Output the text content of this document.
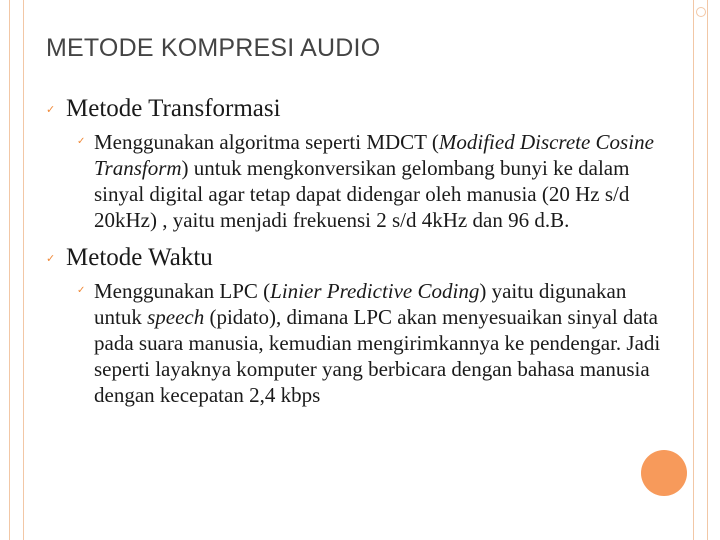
METODE KOMPRESI AUDIO

✓ Metode Transformasi

✓ Menggunakan algoritma seperti MDCT (Modified Discrete Cosine Transform) untuk mengkonversikan gelombang bunyi ke dalam sinyal digital agar tetap dapat didengar oleh manusia (20 Hz s/d 20kHz) , yaitu menjadi frekuensi 2 s/d 4kHz dan 96 d.B.

✓ Metode Waktu

✓ Menggunakan LPC (Linier Predictive Coding) yaitu digunakan untuk speech (pidato), dimana LPC akan menyesuaikan sinyal data pada suara manusia, kemudian mengirimkannya ke pendengar. Jadi seperti layaknya komputer yang berbicara dengan bahasa manusia dengan kecepatan 2,4 kbps
